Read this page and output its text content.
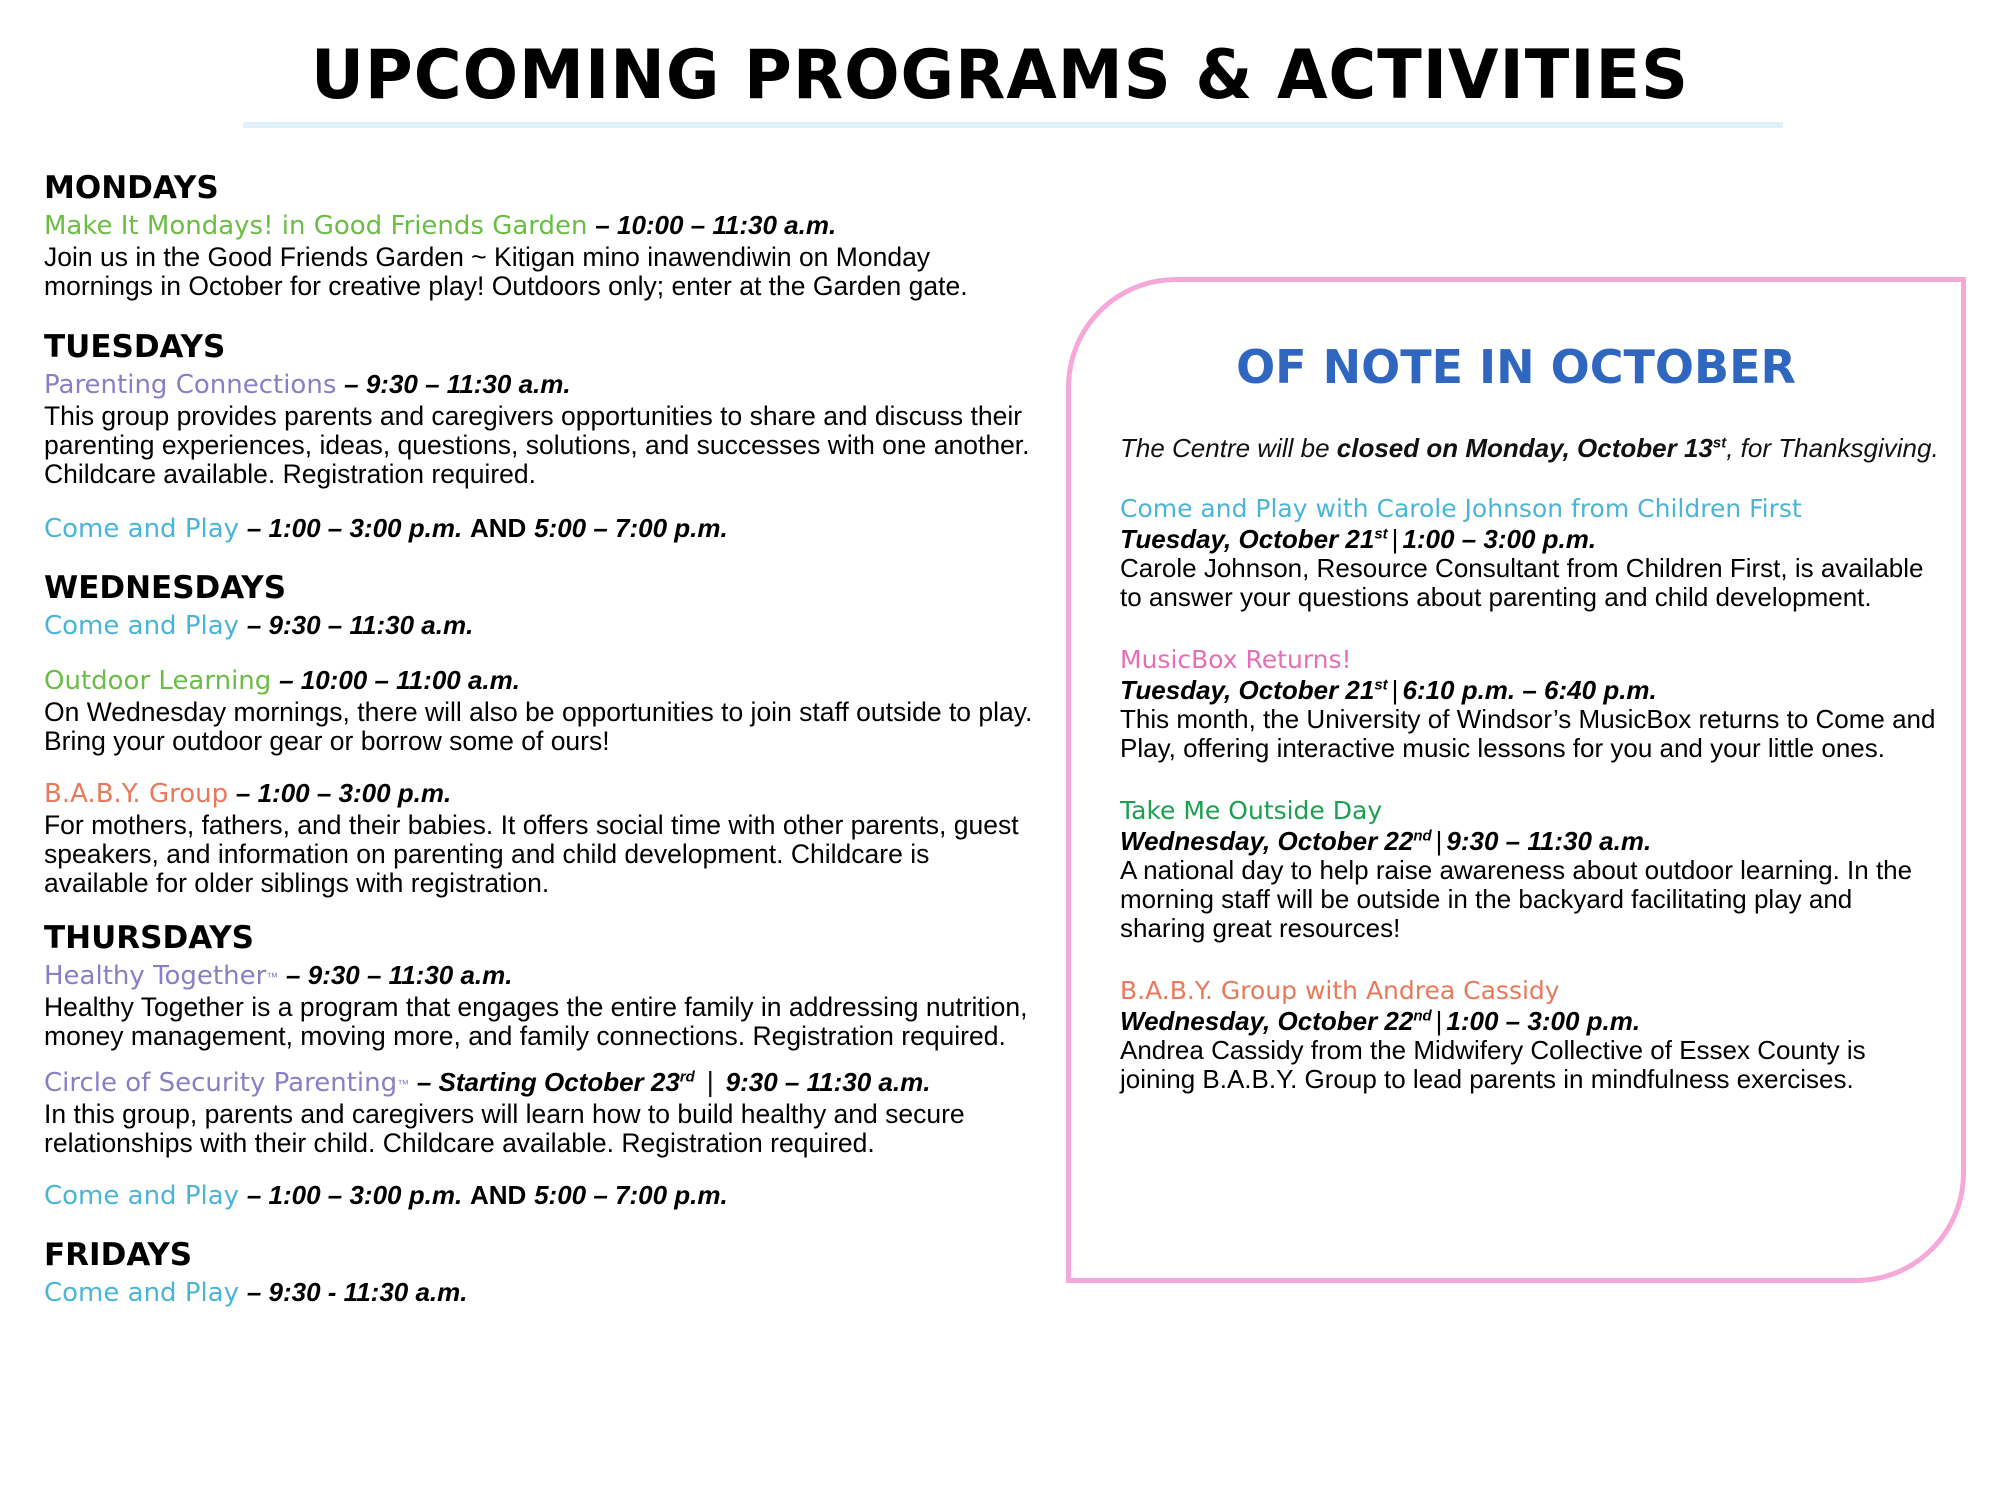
UPCOMING PROGRAMS & ACTIVITIES
MONDAYS
Make It Mondays! in Good Friends Garden – 10:00 – 11:30 a.m.
Join us in the Good Friends Garden ~ Kitigan mino inawendiwin on Monday mornings in October for creative play! Outdoors only; enter at the Garden gate.
TUESDAYS
Parenting Connections – 9:30 – 11:30 a.m.
This group provides parents and caregivers opportunities to share and discuss their parenting experiences, ideas, questions, solutions, and successes with one another. Childcare available. Registration required.
Come and Play – 1:00 – 3:00 p.m. AND 5:00 – 7:00 p.m.
WEDNESDAYS
Come and Play – 9:30 – 11:30 a.m.
Outdoor Learning – 10:00 – 11:00 a.m.
On Wednesday mornings, there will also be opportunities to join staff outside to play. Bring your outdoor gear or borrow some of ours!
B.A.B.Y. Group – 1:00 – 3:00 p.m.
For mothers, fathers, and their babies. It offers social time with other parents, guest speakers, and information on parenting and child development. Childcare is available for older siblings with registration.
THURSDAYS
Healthy Together™ – 9:30 – 11:30 a.m.
Healthy Together is a program that engages the entire family in addressing nutrition, money management, moving more, and family connections. Registration required.
Circle of Security Parenting™ – Starting October 23rd | 9:30 – 11:30 a.m.
In this group, parents and caregivers will learn how to build healthy and secure relationships with their child. Childcare available. Registration required.
Come and Play – 1:00 – 3:00 p.m. AND 5:00 – 7:00 p.m.
FRIDAYS
Come and Play – 9:30 - 11:30 a.m.
OF NOTE IN OCTOBER
The Centre will be closed on Monday, October 13st, for Thanksgiving.
Come and Play with Carole Johnson from Children First
Tuesday, October 21st | 1:00 – 3:00 p.m.
Carole Johnson, Resource Consultant from Children First, is available to answer your questions about parenting and child development.
MusicBox Returns!
Tuesday, October 21st | 6:10 p.m. – 6:40 p.m.
This month, the University of Windsor’s MusicBox returns to Come and Play, offering interactive music lessons for you and your little ones.
Take Me Outside Day
Wednesday, October 22nd | 9:30 – 11:30 a.m.
A national day to help raise awareness about outdoor learning. In the morning staff will be outside in the backyard facilitating play and sharing great resources!
B.A.B.Y. Group with Andrea Cassidy
Wednesday, October 22nd | 1:00 – 3:00 p.m.
Andrea Cassidy from the Midwifery Collective of Essex County is joining B.A.B.Y. Group to lead parents in mindfulness exercises.
